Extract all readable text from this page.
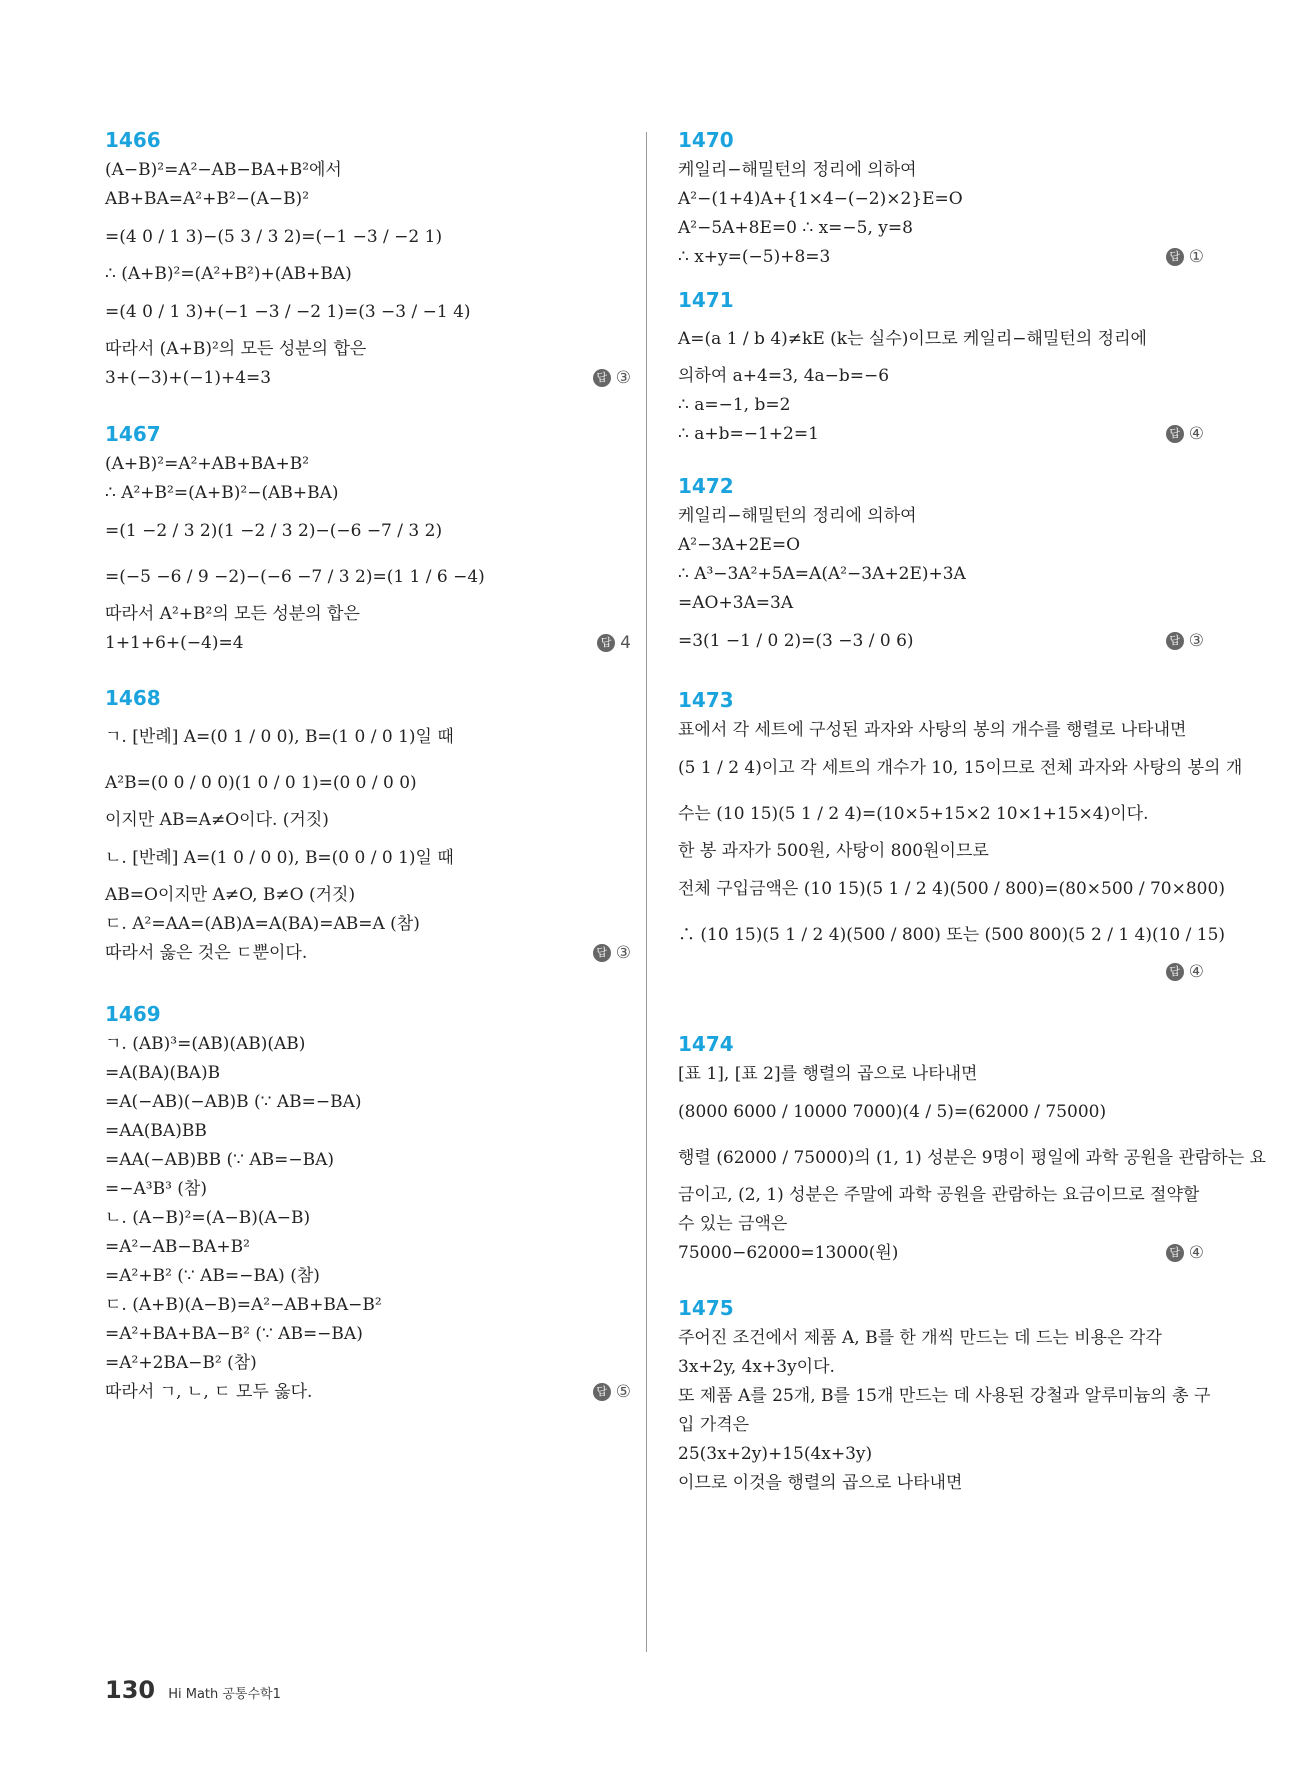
1466
(A−B)²=A²−AB−BA+B²에서
AB+BA=A²+B²−(A−B)²
=(4 0 / 1 3)−(5 3 / 3 2)=(−1 −3 / −2 1)
∴ (A+B)²=(A²+B²)+(AB+BA)
=(4 0 / 1 3)+(−1 −3 / −2 1)=(3 −3 / −1 4)
따라서 (A+B)²의 모든 성분의 합은
3+(−3)+(−1)+4=3	답 ③
1467
(A+B)²=A²+AB+BA+B²
∴ A²+B²=(A+B)²−(AB+BA)
=(1 −2 / 3 2)(1 −2 / 3 2)−(−6 −7 / 3 2)
=(−5 −6 / 9 −2)−(−6 −7 / 3 2)=(1 1 / 6 −4)
따라서 A²+B²의 모든 성분의 합은
1+1+6+(−4)=4	답 4
1468
ㄱ. [반례] A=(0 1 / 0 0), B=(1 0 / 0 1)일 때
A²B=(0 0 / 0 0)(1 0 / 0 1)=(0 0 / 0 0)
이지만 AB=A≠O이다. (거짓)
ㄴ. [반례] A=(1 0 / 0 0), B=(0 0 / 0 1)일 때
AB=O이지만 A≠O, B≠O (거짓)
ㄷ. A²=AA=(AB)A=A(BA)=AB=A (참)
따라서 옳은 것은 ㄷ뿐이다.	답 ③
1469
ㄱ. (AB)³=(AB)(AB)(AB)
=A(BA)(BA)B
=A(−AB)(−AB)B (∵ AB=−BA)
=AA(BA)BB
=AA(−AB)BB (∵ AB=−BA)
=−A³B³ (참)
ㄴ. (A−B)²=(A−B)(A−B)
=A²−AB−BA+B²
=A²+B² (∵ AB=−BA) (참)
ㄷ. (A+B)(A−B)=A²−AB+BA−B²
=A²+BA+BA−B² (∵ AB=−BA)
=A²+2BA−B² (참)
따라서 ㄱ, ㄴ, ㄷ 모두 옳다.	답 ⑤
1470
케일리−해밀턴의 정리에 의하여
A²−(1+4)A+{1×4−(−2)×2}E=O
A²−5A+8E=0 ∴ x=−5, y=8
∴ x+y=(−5)+8=3	답 ①
1471
A=(a 1 / b 4)≠kE (k는 실수)이므로 케일리−해밀턴의 정리에
의하여 a+4=3, 4a−b=−6
∴ a=−1, b=2
∴ a+b=−1+2=1	답 ④
1472
케일리−해밀턴의 정리에 의하여
A²−3A+2E=O
∴ A³−3A²+5A=A(A²−3A+2E)+3A
=AO+3A=3A
=3(1 −1 / 0 2)=(3 −3 / 0 6)	답 ③
1473
표에서 각 세트에 구성된 과자와 사탕의 봉의 개수를 행렬로 나타내면
(5 1 / 2 4)이고 각 세트의 개수가 10, 15이므로 전체 과자와 사탕의 봉의 개
수는 (10 15)(5 1 / 2 4)=(10×5+15×2 10×1+15×4)이다.
한 봉 과자가 500원, 사탕이 800원이므로
전체 구입금액은 (10 15)(5 1 / 2 4)(500 / 800)=(80×500 / 70×800)
∴ (10 15)(5 1 / 2 4)(500 / 800) 또는 (500 800)(5 2 / 1 4)(10 / 15)
답 ④
1474
[표 1], [표 2]를 행렬의 곱으로 나타내면
(8000 6000 / 10000 7000)(4 / 5)=(62000 / 75000)
행렬 (62000 / 75000)의 (1, 1) 성분은 9명이 평일에 과학 공원을 관람하는 요
금이고, (2, 1) 성분은 주말에 과학 공원을 관람하는 요금이므로 절약할
수 있는 금액은
75000−62000=13000(원)	답 ④
1475
주어진 조건에서 제품 A, B를 한 개씩 만드는 데 드는 비용은 각각
3x+2y, 4x+3y이다.
또 제품 A를 25개, B를 15개 만드는 데 사용된 강철과 알루미늄의 총 구
입 가격은
25(3x+2y)+15(4x+3y)
이므로 이것을 행렬의 곱으로 나타내면
130 Hi Math 공통수학1
